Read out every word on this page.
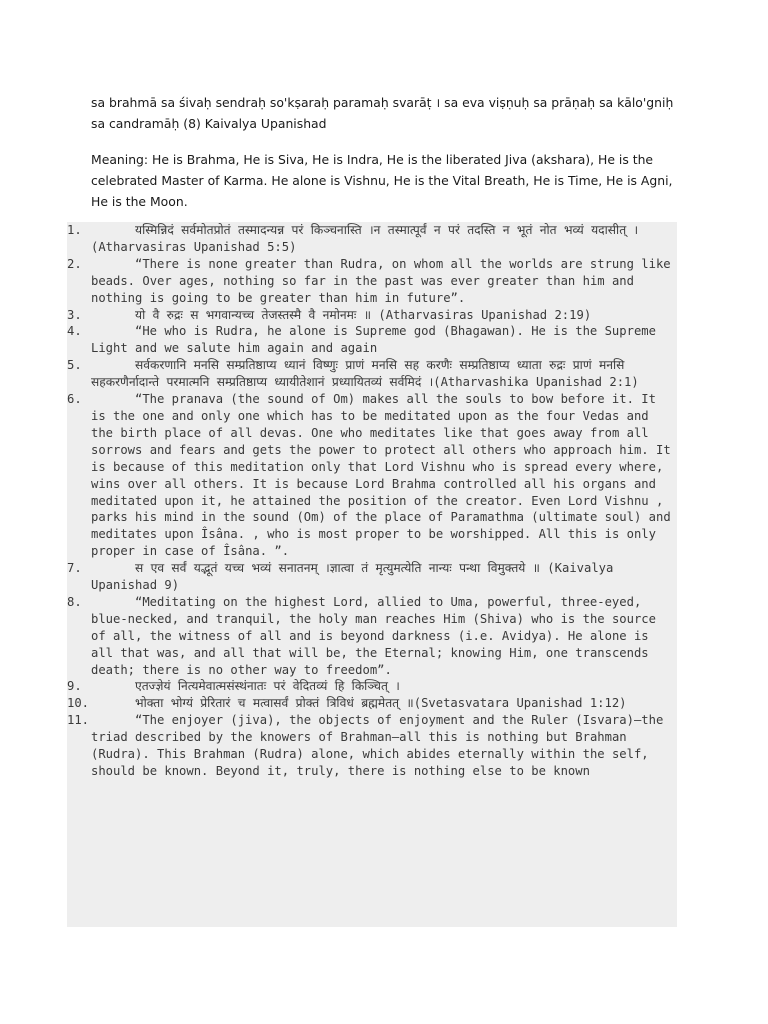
sa brahmā sa śivaḥ sendraḥ so'kṣaraḥ paramaḥ svarāṭ । sa eva viṣṇuḥ sa prāṇaḥ sa kālo'gniḥ sa candramāḥ (8) Kaivalya Upanishad

Meaning: He is Brahma, He is Siva, He is Indra, He is the liberated Jiva (akshara), He is the celebrated Master of Karma. He alone is Vishnu, He is the Vital Breath, He is Time, He is Agni, He is the Moon.

1.	यस्मिन्निदं सर्वमोतप्रोतं तस्मादन्यन्न परं किञ्चनास्ति ।न तस्मात्पूर्वं न परं तदस्ति न भूतं नोत भव्यं यदासीत् । (Atharvasiras Upanishad 5:5)

2.	“There is none greater than Rudra, on whom all the worlds are strung like beads. Over ages, nothing so far in the past was ever greater than him and nothing is going to be greater than him in future”.

3.	यो वै रुद्रः स भगवान्यच्च तेजस्तस्मै वै नमोनमः ॥ (Atharvasiras Upanishad 2:19)

4.	“He who is Rudra, he alone is Supreme god (Bhagawan). He is the Supreme Light and we salute him again and again

5.	सर्वकरणानि मनसि सम्प्रतिष्ठाप्य ध्यानं विष्णुः प्राणं मनसि सह करणैः सम्प्रतिष्ठाप्य ध्याता रुद्रः प्राणं मनसि सहकरणैर्नादान्ते परमात्मनि सम्प्रतिष्ठाप्य ध्यायीतेशानं प्रध्यायितव्यं सर्वमिदं ।(Atharvashika Upanishad 2:1)

6.	“The pranava (the sound of Om) makes all the souls to bow before it. It is the one and only one which has to be meditated upon as the four Vedas and the birth place of all devas. One who meditates like that goes away from all sorrows and fears and gets the power to protect all others who approach him. It is because of this meditation only that Lord Vishnu who is spread every where, wins over all others. It is because Lord Brahma controlled all his organs and meditated upon it, he attained the position of the creator. Even Lord Vishnu , parks his mind in the sound (Om) of the place of Paramathma (ultimate soul) and meditates upon Îsâna. , who is most proper to be worshipped. All this is only proper in case of Îsâna. ”.

7.	स एव सर्वं यद्भूतं यच्च भव्यं सनातनम् ।ज्ञात्वा तं मृत्युमत्येति नान्यः पन्था विमुक्तये ॥ (Kaivalya Upanishad 9)

8.	“Meditating on the highest Lord, allied to Uma, powerful, three-eyed, blue-necked, and tranquil, the holy man reaches Him (Shiva) who is the source of all, the witness of all and is beyond darkness (i.e. Avidya). He alone is all that was, and all that will be, the Eternal; knowing Him, one transcends death; there is no other way to freedom”.

9.	एतज्ज्ञेयं नित्यमेवात्मसंस्थंनातः परं वेदितव्यं हि किञ्चित् ।

10.	भोक्ता भोग्यं प्रेरितारं च मत्वासर्वं प्रोक्तं त्रिविधं ब्रह्ममेतत् ॥(Svetasvatara Upanishad 1:12)

11.	“The enjoyer (jiva), the objects of enjoyment and the Ruler (Isvara)—the triad described by the knowers of Brahman—all this is nothing but Brahman (Rudra). This Brahman (Rudra) alone, which abides eternally within the self, should be known. Beyond it, truly, there is nothing else to be known
